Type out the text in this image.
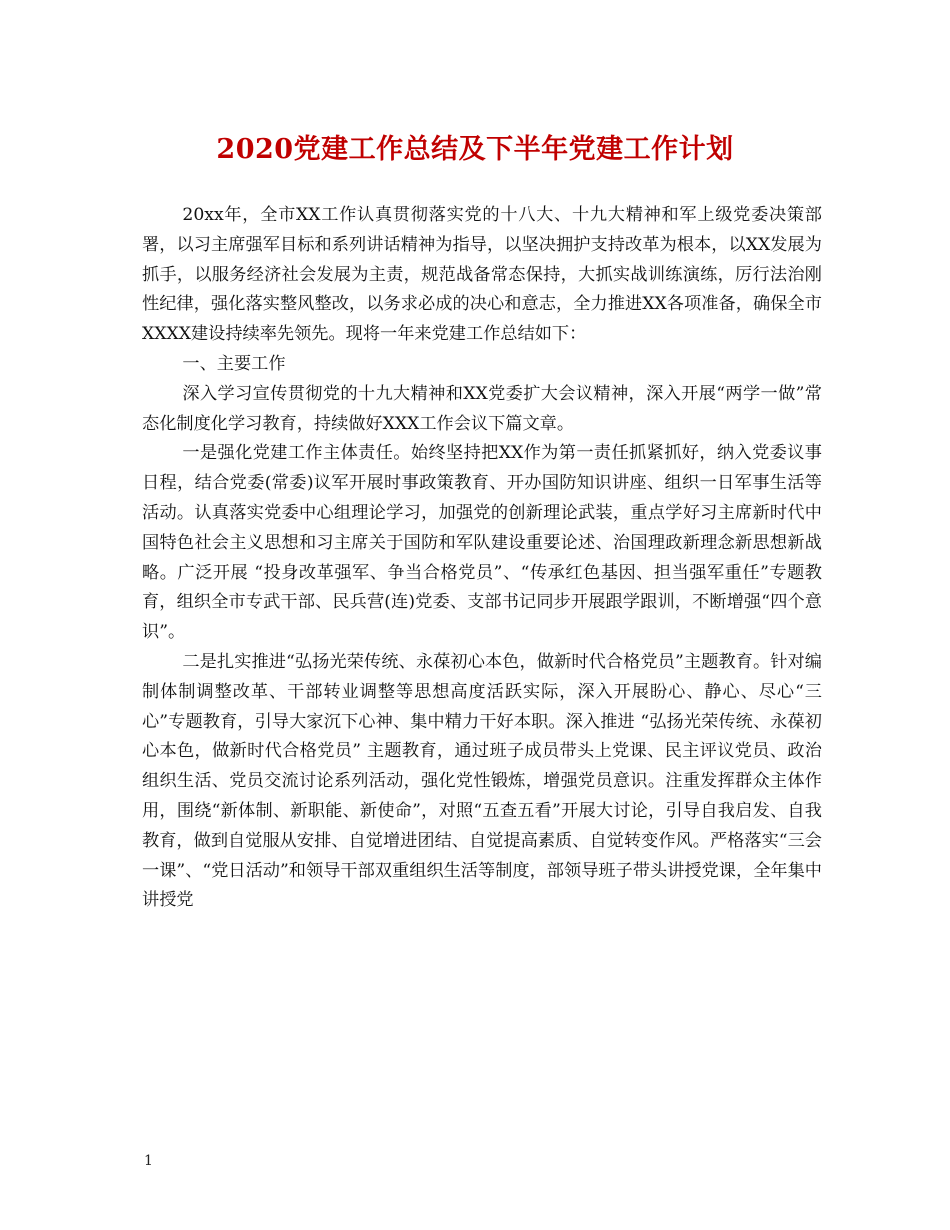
2020党建工作总结及下半年党建工作计划

20xx年，全市XX工作认真贯彻落实党的十八大、十九大精神和军上级党委决策部署，以习主席强军目标和系列讲话精神为指导，以坚决拥护支持改革为根本，以XX发展为抓手，以服务经济社会发展为主责，规范战备常态保持，大抓实战训练演练，厉行法治刚性纪律，强化落实整风整改，以务求必成的决心和意志，全力推进XX各项准备，确保全市XXXX建设持续率先领先。现将一年来党建工作总结如下：

一、主要工作

深入学习宣传贯彻党的十九大精神和XX党委扩大会议精神，深入开展“两学一做”常态化制度化学习教育，持续做好XXX工作会议下篇文章。

一是强化党建工作主体责任。始终坚持把XX作为第一责任抓紧抓好，纳入党委议事日程，结合党委(常委)议军开展时事政策教育、开办国防知识讲座、组织一日军事生活等活动。认真落实党委中心组理论学习，加强党的创新理论武装，重点学好习主席新时代中国特色社会主义思想和习主席关于国防和军队建设重要论述、治国理政新理念新思想新战略。广泛开展 “投身改革强军、争当合格党员”、“传承红色基因、担当强军重任”专题教育，组织全市专武干部、民兵营(连)党委、支部书记同步开展跟学跟训，不断增强“四个意识”。

二是扎实推进“弘扬光荣传统、永葆初心本色，做新时代合格党员”主题教育。针对编制体制调整改革、干部转业调整等思想高度活跃实际，深入开展盼心、静心、尽心“三心”专题教育，引导大家沉下心神、集中精力干好本职。深入推进 “弘扬光荣传统、永葆初心本色，做新时代合格党员” 主题教育，通过班子成员带头上党课、民主评议党员、政治组织生活、党员交流讨论系列活动，强化党性锻炼，增强党员意识。注重发挥群众主体作用，围绕“新体制、新职能、新使命”，对照“五查五看”开展大讨论，引导自我启发、自我教育，做到自觉服从安排、自觉增进团结、自觉提高素质、自觉转变作风。严格落实“三会一课”、“党日活动”和领导干部双重组织生活等制度，部领导班子带头讲授党课，全年集中讲授党

1
